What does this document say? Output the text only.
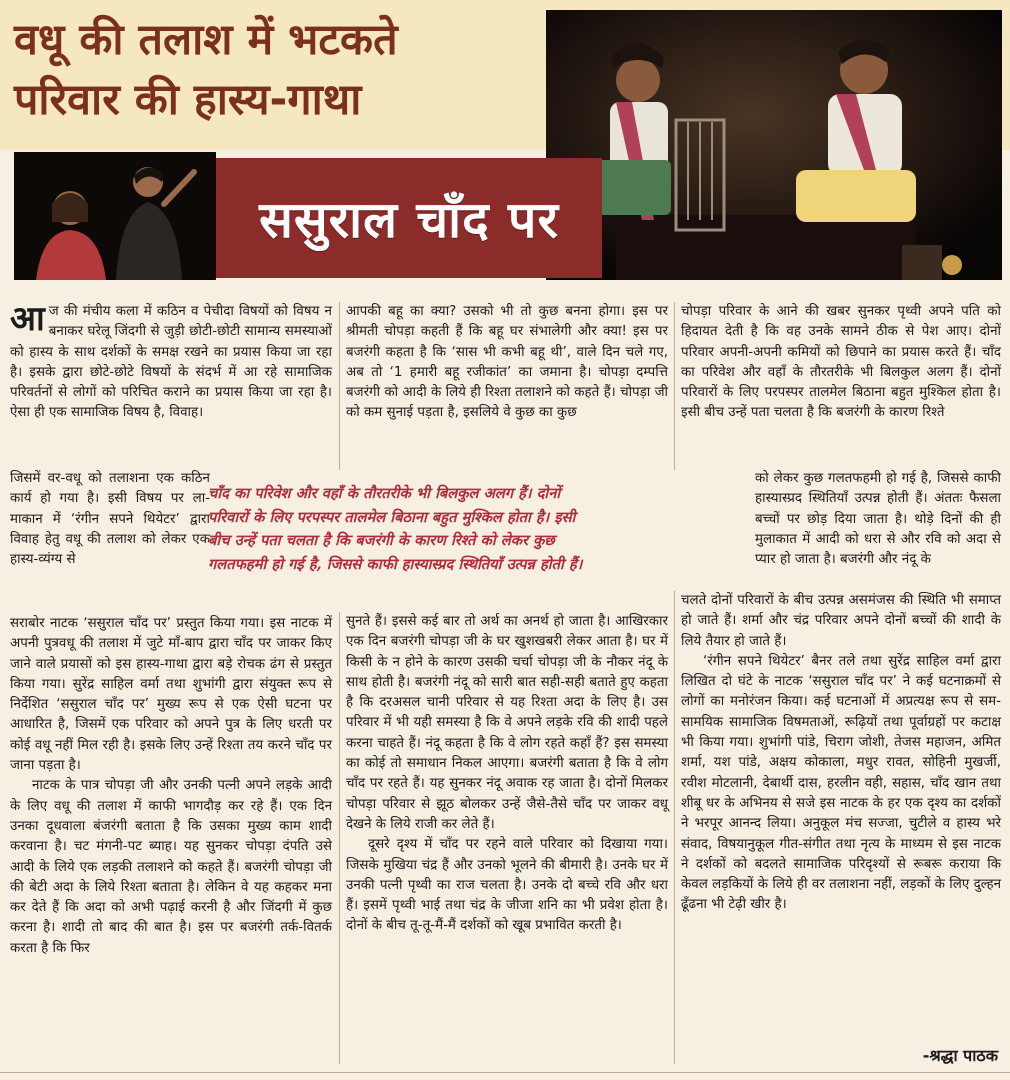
वधू की तलाश में भटकते
परिवार की हास्य-गाथा
ससुराल चाँद पर
आ ज की मंचीय कला में कठिन व पेचीदा विषयों को विषय न बनाकर घरेलू जिंदगी से जुड़ी छोटी-छोटी सामान्य समस्याओं को हास्य के साथ दर्शकों के समक्ष रखने का प्रयास किया जा रहा है। इसके द्वारा छोटे-छोटे विषयों के संदर्भ में आ रहे सामाजिक परिवर्तनों से लोगों को परिचित कराने का प्रयास किया जा रहा है। ऐसा ही एक सामाजिक विषय है, विवाह।

जिसमें वर-वधू को तलाशना एक कठिन कार्य हो गया है। इसी विषय पर ला-माकान में ‘रंगीन सपने थियेटर’ द्वारा विवाह हेतु वधू की तलाश को लेकर एक हास्य-व्यंग्य से

सराबोर नाटक ‘ससुराल चाँद पर’ प्रस्तुत किया गया। इस नाटक में अपनी पुत्रवधू की तलाश में जुटे माँ-बाप द्वारा चाँद पर जाकर किए जाने वाले प्रयासों को इस हास्य-गाथा द्वारा बड़े रोचक ढंग से प्रस्तुत किया गया। सुरेंद्र साहिल वर्मा तथा शुभांगी द्वारा संयुक्त रूप से निर्देशित ‘ससुराल चाँद पर’ मुख्य रूप से एक ऐसी घटना पर आधारित है, जिसमें एक परिवार को अपने पुत्र के लिए धरती पर कोई वधू नहीं मिल रही है। इसके लिए उन्हें रिश्ता तय करने चाँद पर जाना पड़ता है।

नाटक के पात्र चोपड़ा जी और उनकी पत्नी अपने लड़के आदी के लिए वधू की तलाश में काफी भागदौड़ कर रहे हैं। एक दिन उनका दूधवाला बंजरंगी बताता है कि उसका मुख्य काम शादी करवाना है। चट मंगनी-पट ब्याह। यह सुनकर चोपड़ा दंपति उसे आदी के लिये एक लड़की तलाशने को कहते हैं। बजरंगी चोपड़ा जी की बेटी अदा के लिये रिश्ता बताता है। लेकिन वे यह कहकर मना कर देते हैं कि अदा को अभी पढ़ाई करनी है और जिंदगी में कुछ करना है। शादी तो बाद की बात है। इस पर बजरंगी तर्क-वितर्क करता है कि फिर

आपकी बहू का क्या? उसको भी तो कुछ बनना होगा। इस पर श्रीमती चोपड़ा कहती हैं कि बहू घर संभालेगी और क्या! इस पर बजरंगी कहता है कि ‘सास भी कभी बहू थी’, वाले दिन चले गए, अब तो ‘1 हमारी बहू रजीकांत’ का जमाना है। चोपड़ा दम्पत्ति बजरंगी को आदी के लिये ही रिश्ता तलाशने को कहते हैं। चोपड़ा जी को कम सुनाई पड़ता है, इसलिये वे कुछ का कुछ

सुनते हैं। इससे कई बार तो अर्थ का अनर्थ हो जाता है। आखिरकार एक दिन बजरंगी चोपड़ा जी के घर खुशखबरी लेकर आता है। घर में किसी के न होने के कारण उसकी चर्चा चोपड़ा जी के नौकर नंदू के साथ होती है। बजरंगी नंदू को सारी बात सही-सही बताते हुए कहता है कि दरअसल चानी परिवार से यह रिश्ता अदा के लिए है। उस परिवार में भी यही समस्या है कि वे अपने लड़के रवि की शादी पहले करना चाहते हैं। नंदू कहता है कि वे लोग रहते कहाँ हैं? इस समस्या का कोई तो समाधान निकल आएगा। बजरंगी बताता है कि वे लोग चाँद पर रहते हैं। यह सुनकर नंदू अवाक रह जाता है। दोनों मिलकर चोपड़ा परिवार से झूठ बोलकर उन्हें जैसे-तैसे चाँद पर जाकर वधू देखने के लिये राजी कर लेते हैं।

दूसरे दृश्य में चाँद पर रहने वाले परिवार को दिखाया गया। जिसके मुखिया चंद्र हैं और उनको भूलने की बीमारी है। उनके घर में उनकी पत्नी पृथ्वी का राज चलता है। उनके दो बच्चे रवि और धरा हैं। इसमें पृथ्वी भाई तथा चंद्र के जीजा शनि का भी प्रवेश होता है। दोनों के बीच तू-तू-मैं-मैं दर्शकों को खूब प्रभावित करती है।

चोपड़ा परिवार के आने की खबर सुनकर पृथ्वी अपने पति को हिदायत देती है कि वह उनके सामने ठीक से पेश आए। दोनों परिवार अपनी-अपनी कमियों को छिपाने का प्रयास करते हैं। चाँद का परिवेश और वहाँ के तौरतरीके भी बिलकुल अलग हैं। दोनों परिवारों के लिए परपस्पर तालमेल बिठाना बहुत मुश्किल होता है। इसी बीच उन्हें पता चलता है कि बजरंगी के कारण रिश्ते

को लेकर कुछ गलतफहमी हो गई है, जिससे काफी हास्यास्प्रद स्थितियाँ उत्पन्न होती हैं। अंततः फैसला बच्चों पर छोड़ दिया जाता है। थोड़े दिनों की ही मुलाकात में आदी को धरा से और रवि को अदा से प्यार हो जाता है। बजरंगी और नंदू के

चलते दोनों परिवारों के बीच उत्पन्न असमंजस की स्थिति भी समाप्त हो जाते हैं। शर्मा और चंद्र परिवार अपने दोनों बच्चों की शादी के लिये तैयार हो जाते हैं।

‘रंगीन सपने थियेटर’ बैनर तले तथा सुरेंद्र साहिल वर्मा द्वारा लिखित दो घंटे के नाटक ‘ससुराल चाँद पर’ ने कई घटनाक्रमों से लोगों का मनोरंजन किया। कई घटनाओं में अप्रत्यक्ष रूप से सम-सामयिक सामाजिक विषमताओं, रूढ़ियों तथा पूर्वाग्रहों पर कटाक्ष भी किया गया। शुभांगी पांडे, चिराग जोशी, तेजस महाजन, अमित शर्मा, यश पांडे, अक्षय कोकाला, मधुर रावत, सोहिनी मुखर्जी, रवीश मोटलानी, देबार्थी दास, हरलीन वही, सहास, चाँद खान तथा शीबू धर के अभिनय से सजे इस नाटक के हर एक दृश्य का दर्शकों ने भरपूर आनन्द लिया। अनुकूल मंच सज्जा, चुटीले व हास्य भरे संवाद, विषयानुकूल गीत-संगीत तथा नृत्य के माध्यम से इस नाटक ने दर्शकों को बदलते सामाजिक परिदृश्यों से रूबरू कराया कि केवल लड़कियों के लिये ही वर तलाशना नहीं, लड़कों के लिए दुल्हन ढूँढना भी टेढ़ी खीर है।

चाँद का परिवेश और वहाँ के तौरतरीके भी बिलकुल अलग हैं। दोनों
परिवारों के लिए परपस्पर तालमेल बिठाना बहुत मुश्किल होता है। इसी
बीच उन्हें पता चलता है कि बजरंगी के कारण रिश्ते को लेकर कुछ
गलतफहमी हो गई है, जिससे काफी हास्यास्प्रद स्थितियाँ उत्पन्न होती हैं।
-श्रद्धा पाठक
